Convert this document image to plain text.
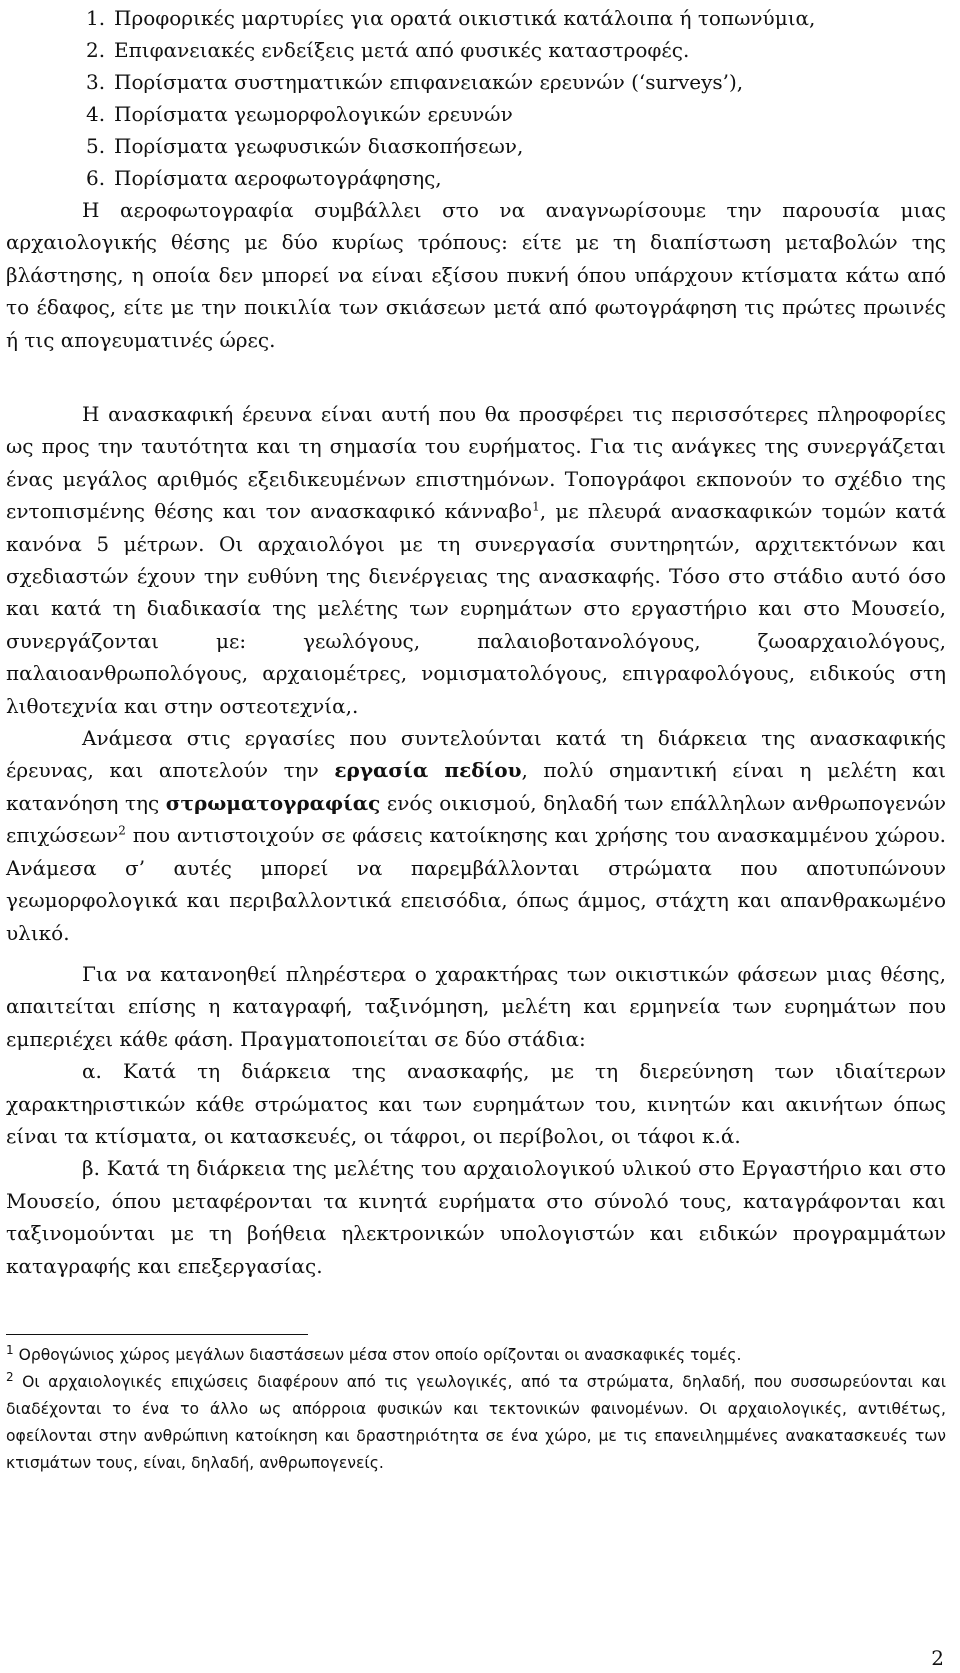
1. Προφορικές μαρτυρίες για ορατά οικιστικά κατάλοιπα ή τοπωνύμια,
2. Επιφανειακές ενδείξεις μετά από φυσικές καταστροφές.
3. Πορίσματα συστηματικών επιφανειακών ερευνών (‘surveys’),
4. Πορίσματα γεωμορφολογικών ερευνών
5. Πορίσματα γεωφυσικών διασκοπήσεων,
6. Πορίσματα αεροφωτογράφησης,

Η αεροφωτογραφία συμβάλλει στο να αναγνωρίσουμε την παρουσία μιας αρχαιολογικής θέσης με δύο κυρίως τρόπους: είτε με τη διαπίστωση μεταβολών της βλάστησης, η οποία δεν μπορεί να είναι εξίσου πυκνή όπου υπάρχουν κτίσματα κάτω από το έδαφος, είτε με την ποικιλία των σκιάσεων μετά από φωτογράφηση τις πρώτες πρωινές ή τις απογευματινές ώρες.

Η ανασκαφική έρευνα είναι αυτή που θα προσφέρει τις περισσότερες πληροφορίες ως προς την ταυτότητα και τη σημασία του ευρήματος. Για τις ανάγκες της συνεργάζεται ένας μεγάλος αριθμός εξειδικευμένων επιστημόνων. Τοπογράφοι εκπονούν το σχέδιο της εντοπισμένης θέσης και τον ανασκαφικό κάνναβο$^1$, με πλευρά ανασκαφικών τομών κατά κανόνα 5 μέτρων. Οι αρχαιολόγοι με τη συνεργασία συντηρητών, αρχιτεκτόνων και σχεδιαστών έχουν την ευθύνη της διενέργειας της ανασκαφής. Τόσο στο στάδιο αυτό όσο και κατά τη διαδικασία της μελέτης των ευρημάτων στο εργαστήριο και στο Μουσείο, συνεργάζονται με: γεωλόγους, παλαιοβοτανολόγους, ζωοαρχαιολόγους, παλαιοανθρωπολόγους, αρχαιομέτρες, νομισματολόγους, επιγραφολόγους, ειδικούς στη λιθοτεχνία και στην οστεοτεχνία,.

Ανάμεσα στις εργασίες που συντελούνται κατά τη διάρκεια της ανασκαφικής έρευνας, και αποτελούν την εργασία πεδίου, πολύ σημαντική είναι η μελέτη και κατανόηση της στρωματογραφίας ενός οικισμού, δηλαδή των επάλληλων ανθρωπογενών επιχώσεων$^2$ που αντιστοιχούν σε φάσεις κατοίκησης και χρήσης του ανασκαμμένου χώρου. Ανάμεσα σ’ αυτές μπορεί να παρεμβάλλονται στρώματα που αποτυπώνουν γεωμορφολογικά και περιβαλλοντικά επεισόδια, όπως άμμος, στάχτη και απανθρακωμένο υλικό.

Για να κατανοηθεί πληρέστερα ο χαρακτήρας των οικιστικών φάσεων μιας θέσης, απαιτείται επίσης η καταγραφή, ταξινόμηση, μελέτη και ερμηνεία των ευρημάτων που εμπεριέχει κάθε φάση. Πραγματοποιείται σε δύο στάδια:

α. Κατά τη διάρκεια της ανασκαφής, με τη διερεύνηση των ιδιαίτερων χαρακτηριστικών κάθε στρώματος και των ευρημάτων του, κινητών και ακινήτων όπως είναι τα κτίσματα, οι κατασκευές, οι τάφροι, οι περίβολοι, οι τάφοι κ.ά.

β. Κατά τη διάρκεια της μελέτης του αρχαιολογικού υλικού στο Εργαστήριο και στο Μουσείο, όπου μεταφέρονται τα κινητά ευρήματα στο σύνολό τους, καταγράφονται και ταξινομούνται με τη βοήθεια ηλεκτρονικών υπολογιστών και ειδικών προγραμμάτων καταγραφής και επεξεργασίας.

$^1$ Ορθογώνιος χώρος μεγάλων διαστάσεων μέσα στον οποίο ορίζονται οι ανασκαφικές τομές.

$^2$ Οι αρχαιολογικές επιχώσεις διαφέρουν από τις γεωλογικές, από τα στρώματα, δηλαδή, που συσσωρεύονται και διαδέχονται το ένα το άλλο ως απόρροια φυσικών και τεκτονικών φαινομένων. Οι αρχαιολογικές, αντιθέτως, οφείλονται στην ανθρώπινη κατοίκηση και δραστηριότητα σε ένα χώρο, με τις επανειλημμένες ανακατασκευές των κτισμάτων τους, είναι, δηλαδή, ανθρωπογενείς.

2
